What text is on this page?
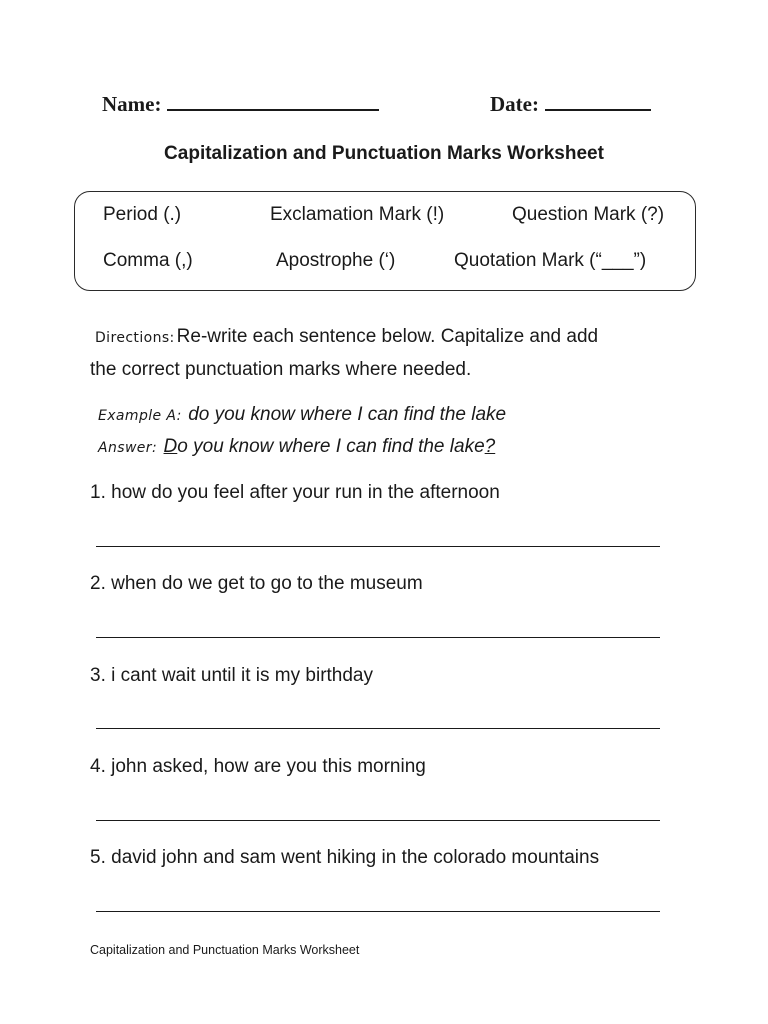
Name:	Date:
Capitalization and Punctuation Marks Worksheet
Period (.)	Exclamation Mark (!)	Question Mark (?)
Comma (,)	Apostrophe (‘)	Quotation Mark (“___”)
Directions: Re-write each sentence below. Capitalize and add
the correct punctuation marks where needed.
Example A: do you know where I can find the lake
Answer: Do you know where I can find the lake?
1. how do you feel after your run in the afternoon
2. when do we get to go to the museum
3. i cant wait until it is my birthday
4. john asked, how are you this morning
5. david john and sam went hiking in the colorado mountains
Capitalization and Punctuation Marks Worksheet
